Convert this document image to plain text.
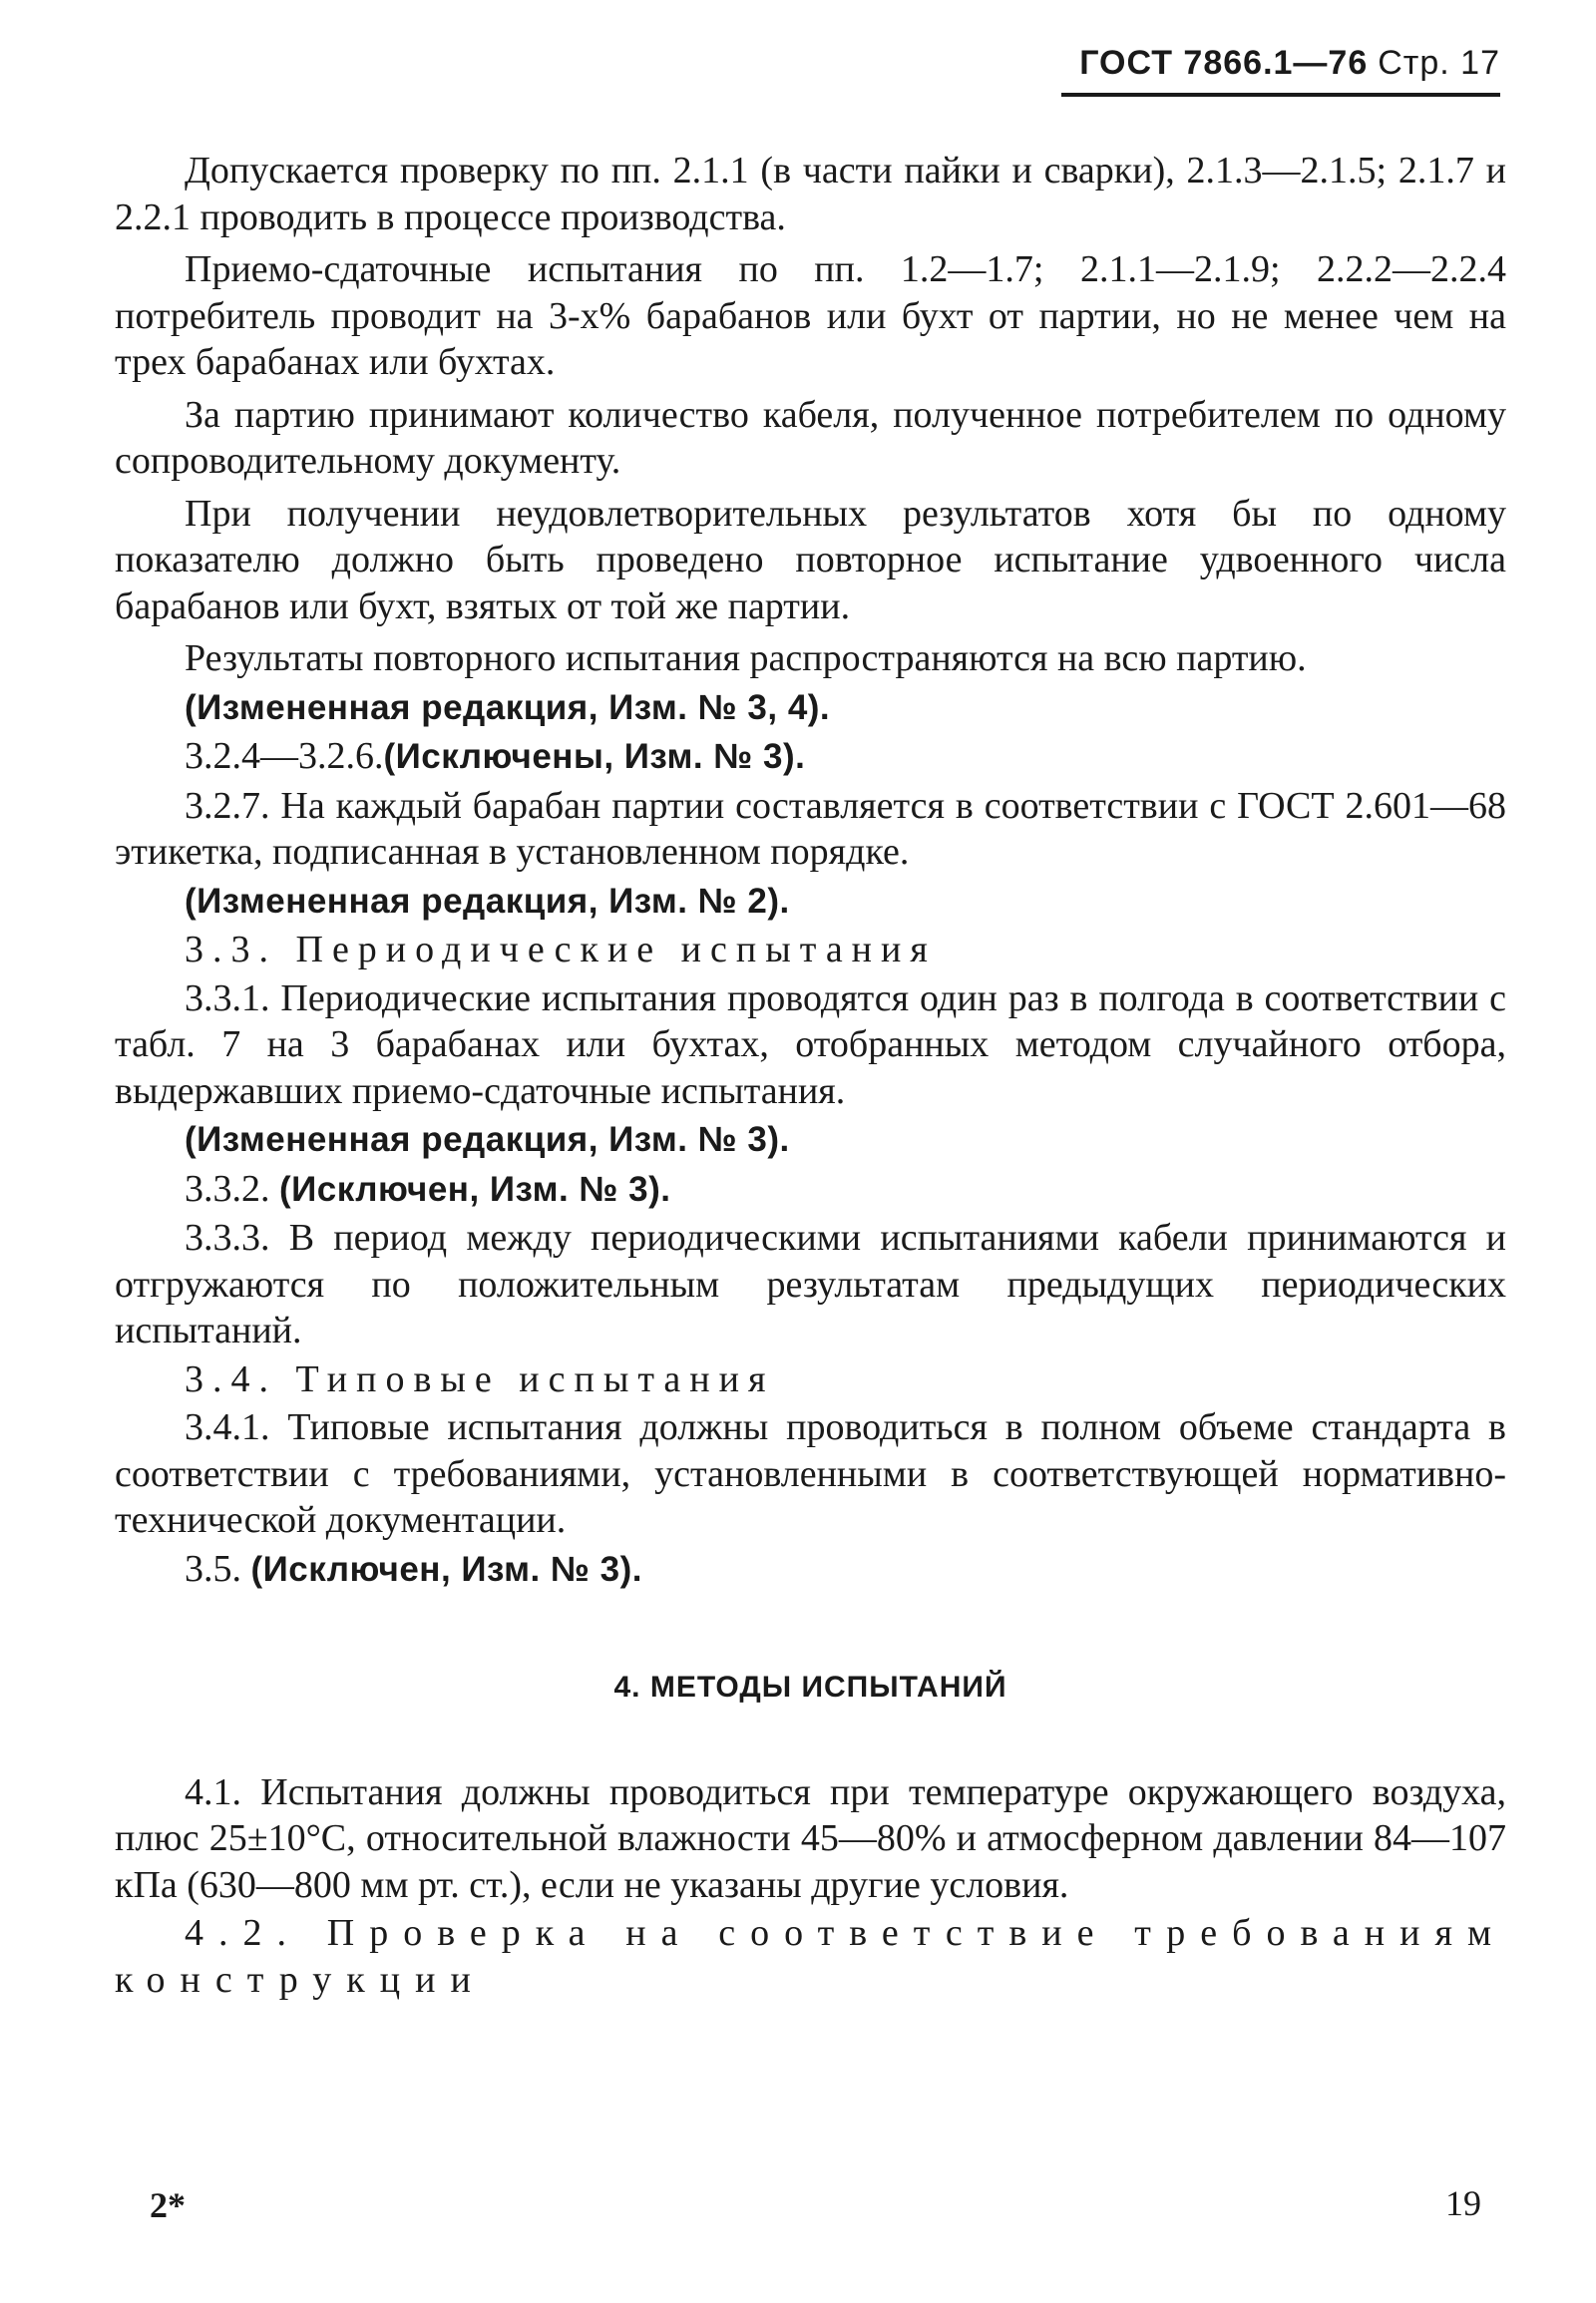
ГОСТ 7866.1—76 Стр. 17

Допускается проверку по пп. 2.1.1 (в части пайки и сварки), 2.1.3—2.1.5; 2.1.7 и 2.2.1 проводить в процессе производства.

Приемо-сдаточные испытания по пп. 1.2—1.7; 2.1.1—2.1.9; 2.2.2—2.2.4 потребитель проводит на 3-х% барабанов или бухт от партии, но не менее чем на трех барабанах или бухтах.

За партию принимают количество кабеля, полученное потребителем по одному сопроводительному документу.

При получении неудовлетворительных результатов хотя бы по одному показателю должно быть проведено повторное испытание удвоенного числа барабанов или бухт, взятых от той же партии.

Результаты повторного испытания распространяются на всю партию.

(Измененная редакция, Изм. № 3, 4).

3.2.4—3.2.6.(Исключены, Изм. № 3).

3.2.7. На каждый барабан партии составляется в соответствии с ГОСТ 2.601—68 этикетка, подписанная в установленном порядке.

(Измененная редакция, Изм. № 2).

3.3. Периодические испытания

3.3.1. Периодические испытания проводятся один раз в полгода в соответствии с табл. 7 на 3 барабанах или бухтах, отобранных методом случайного отбора, выдержавших приемо-сдаточные испытания.

(Измененная редакция, Изм. № 3).

3.3.2. (Исключен, Изм. № 3).

3.3.3. В период между периодическими испытаниями кабели принимаются и отгружаются по положительным результатам предыдущих периодических испытаний.

3.4. Типовые испытания

3.4.1. Типовые испытания должны проводиться в полном объеме стандарта в соответствии с требованиями, установленными в соответствующей нормативно-технической документации.

3.5. (Исключен, Изм. № 3).

4. МЕТОДЫ ИСПЫТАНИЙ

4.1. Испытания должны проводиться при температуре окружающего воздуха, плюс 25±10°С, относительной влажности 45—80% и атмосферном давлении 84—107 кПа (630—800 мм рт. ст.), если не указаны другие условия.

4.2. Проверка на соответствие требованиям конструкции

2*	19
